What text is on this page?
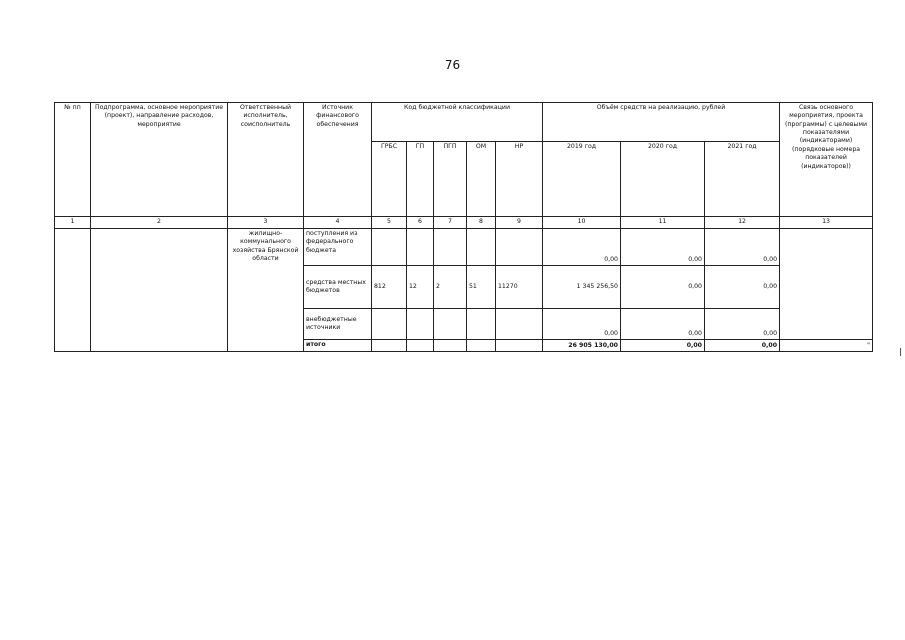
76
№ пп	Подпрограмма, основное мероприятие (проект), направление расходов, мероприятие	Ответственный исполнитель, соисполнитель	Источник финансового обеспечения	Код бюджетной классификации					Объём средств на реализацию, рублей			Связь основного мероприятия, проекта (программы) с целевыми показателями (индикаторами) (порядковые номера показателей (индикаторов))
				ГРБС	ГП	ПГП	ОМ	НР	2019 год	2020 год	2021 год	
1	2	3	4	5	6	7	8	9	10	11	12	13
		жилищно-коммунального хозяйства Брянской области	поступления из федерального бюджета						0,00	0,00	0,00	
			средства местных бюджетов	812	12	2	51	11270	1 345 256,50	0,00	0,00	
			внебюджетные источники						0,00	0,00	0,00	
			итого						26 905 130,00	0,00	0,00	"
